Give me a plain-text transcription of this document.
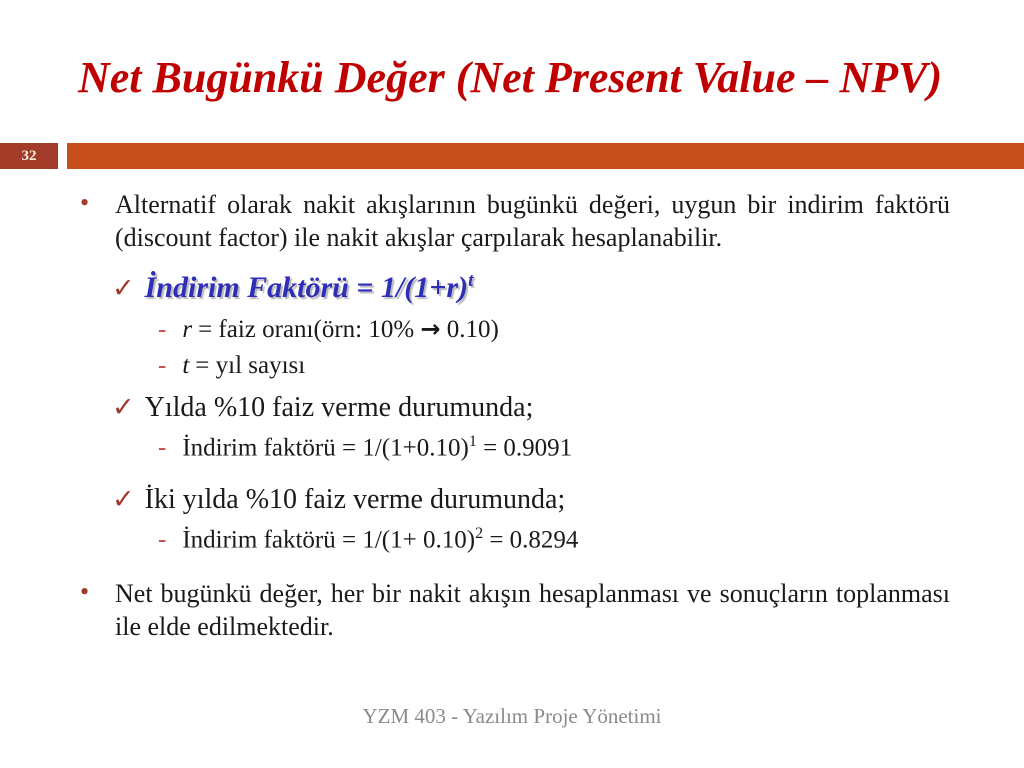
Net Bugünkü Değer (Net Present Value – NPV)
32
• Alternatif olarak nakit akışlarının bugünkü değeri, uygun bir indirim faktörü (discount factor) ile nakit akışlar çarpılarak hesaplanabilir.
✓ İndirim Faktörü = $1/(1+r)^t$
- r = faiz oranı(örn: 10% → 0.10)
- t = yıl sayısı
✓ Yılda %10 faiz verme durumunda;
- İndirim faktörü = $1/(1+0.10)^1 = 0.9091$
✓ İki yılda %10 faiz verme durumunda;
- İndirim faktörü = $1/(1+ 0.10)^2 = 0.8294$
• Net bugünkü değer, her bir nakit akışın hesaplanması ve sonuçların toplanması ile elde edilmektedir.
YZM 403 - Yazılım Proje Yönetimi
